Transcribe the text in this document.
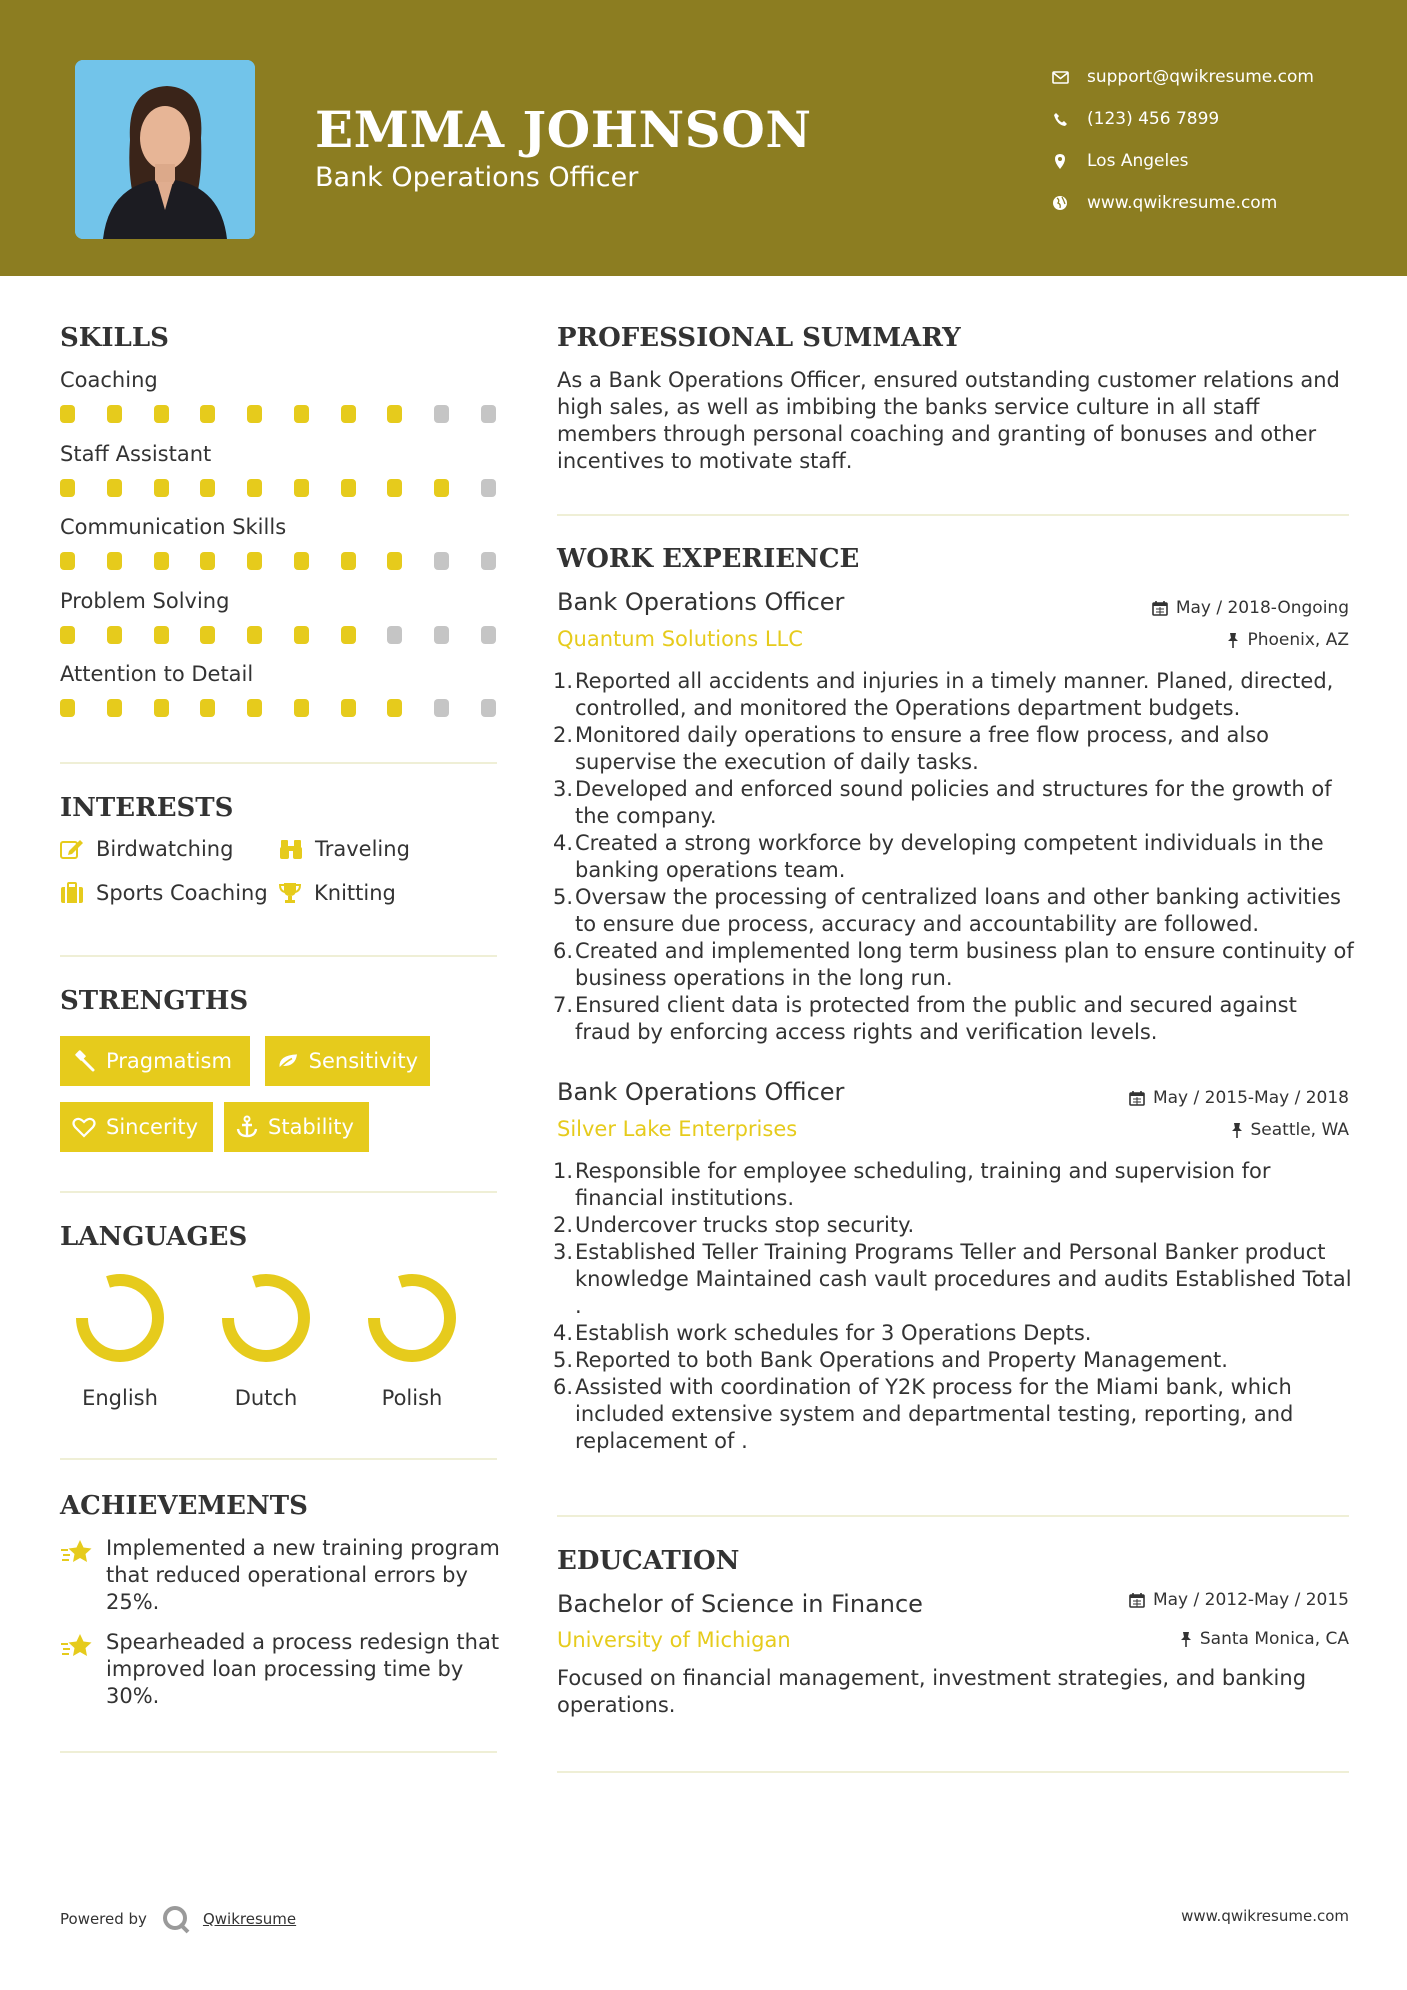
EMMA JOHNSON
Bank Operations Officer
support@qwikresume.com
(123) 456 7899
Los Angeles
www.qwikresume.com
SKILLS
Coaching
Staff Assistant
Communication Skills
Problem Solving
Attention to Detail
INTERESTS
Birdwatching	Traveling
Sports Coaching Knitting
STRENGTHS
Pragmatism	Sensitivity
Sincerity	Stability
LANGUAGES
English	Dutch	Polish
ACHIEVEMENTS
Implemented a new training program that reduced operational errors by 25%.
Spearheaded a process redesign that improved loan processing time by 30%.
PROFESSIONAL SUMMARY
As a Bank Operations Officer, ensured outstanding customer relations and high sales, as well as imbibing the banks service culture in all staff members through personal coaching and granting of bonuses and other incentives to motivate staff.
WORK EXPERIENCE
Bank Operations Officer	May / 2018-Ongoing
Quantum Solutions LLC	Phoenix, AZ
Reported all accidents and injuries in a timely manner. Planed, directed, controlled, and monitored the Operations department budgets.
Monitored daily operations to ensure a free flow process, and also supervise the execution of daily tasks.
Developed and enforced sound policies and structures for the growth of the company.
Created a strong workforce by developing competent individuals in the banking operations team.
Oversaw the processing of centralized loans and other banking activities to ensure due process, accuracy and accountability are followed.
Created and implemented long term business plan to ensure continuity of business operations in the long run.
Ensured client data is protected from the public and secured against fraud by enforcing access rights and verification levels.
Bank Operations Officer	May / 2015-May / 2018
Silver Lake Enterprises	Seattle, WA
Responsible for employee scheduling, training and supervision for financial institutions.
Undercover trucks stop security.
Established Teller Training Programs Teller and Personal Banker product knowledge Maintained cash vault procedures and audits Established Total .
Establish work schedules for 3 Operations Depts.
Reported to both Bank Operations and Property Management.
Assisted with coordination of Y2K process for the Miami bank, which included extensive system and departmental testing, reporting, and replacement of .
EDUCATION
Bachelor of Science in Finance	May / 2012-May / 2015
University of Michigan	Santa Monica, CA
Focused on financial management, investment strategies, and banking operations.
Powered by	Qwikresume	www.qwikresume.com
